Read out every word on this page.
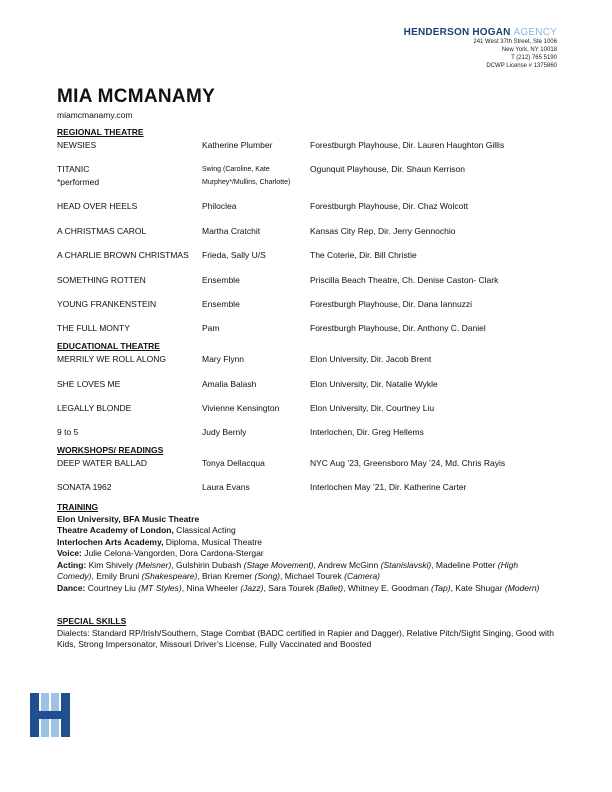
HENDERSON HOGAN AGENCY
241 West 37th Street, Ste 1006
New York, NY 10018
T (212) 765 5190
DCWP License # 1375860
MIA MCMANAMY
miamcmanamy.com
REGIONAL THEATRE
NEWSIES	Katherine Plumber	Forestburgh Playhouse, Dir. Lauren Haughton Gillis
TITANIC	Swing (Caroline, Kate	Ogunquit Playhouse, Dir. Shaun Kerrison
*performed	Murphey*/Mullins, Charlotte)
HEAD OVER HEELS	Philoclea	Forestburgh Playhouse, Dir. Chaz Wolcott
A CHRISTMAS CAROL	Martha Cratchit	Kansas City Rep, Dir. Jerry Gennochio
A CHARLIE BROWN CHRISTMAS	Frieda, Sally U/S	The Coterie, Dir. Bill Christie
SOMETHING ROTTEN	Ensemble	Priscilla Beach Theatre, Ch. Denise Caston- Clark
YOUNG FRANKENSTEIN	Ensemble	Forestburgh Playhouse, Dir. Dana Iannuzzi
THE FULL MONTY	Pam	Forestburgh Playhouse, Dir. Anthony C. Daniel
EDUCATIONAL THEATRE
MERRILY WE ROLL ALONG	Mary Flynn	Elon University, Dir. Jacob Brent
SHE LOVES ME	Amalia Balash	Elon University, Dir. Natalie Wykle
LEGALLY BLONDE	Vivienne Kensington	Elon University, Dir. Courtney Liu
9 to 5	Judy Bernly	Interlochen, Dir. Greg Hellems
WORKSHOPS/ READINGS
DEEP WATER BALLAD	Tonya Dellacqua	NYC Aug ’23, Greensboro May ’24, Md. Chris Rayis
SONATA 1962	Laura Evans	Interlochen May ’21, Dir. Katherine Carter
TRAINING
Elon University, BFA Music Theatre
Theatre Academy of London, Classical Acting
Interlochen Arts Academy, Diploma, Musical Theatre
Voice: Julie Celona-Vangorden, Dora Cardona-Stergar
Acting: Kim Shively (Meisner), Gulshirin Dubash (Stage Movement), Andrew McGinn (Stanislavski), Madeline Potter (High Comedy), Emily Bruni (Shakespeare), Brian Kremer (Song), Michael Tourek (Camera)
Dance: Courtney Liu (MT Styles), Nina Wheeler (Jazz), Sara Tourek (Ballet), Whitney E. Goodman (Tap), Kate Shugar (Modern)
SPECIAL SKILLS
Dialects: Standard RP/Irish/Southern, Stage Combat (BADC certified in Rapier and Dagger), Relative Pitch/Sight Singing, Good with Kids, Strong Impersonator, Missouri Driver’s License, Fully Vaccinated and Boosted
